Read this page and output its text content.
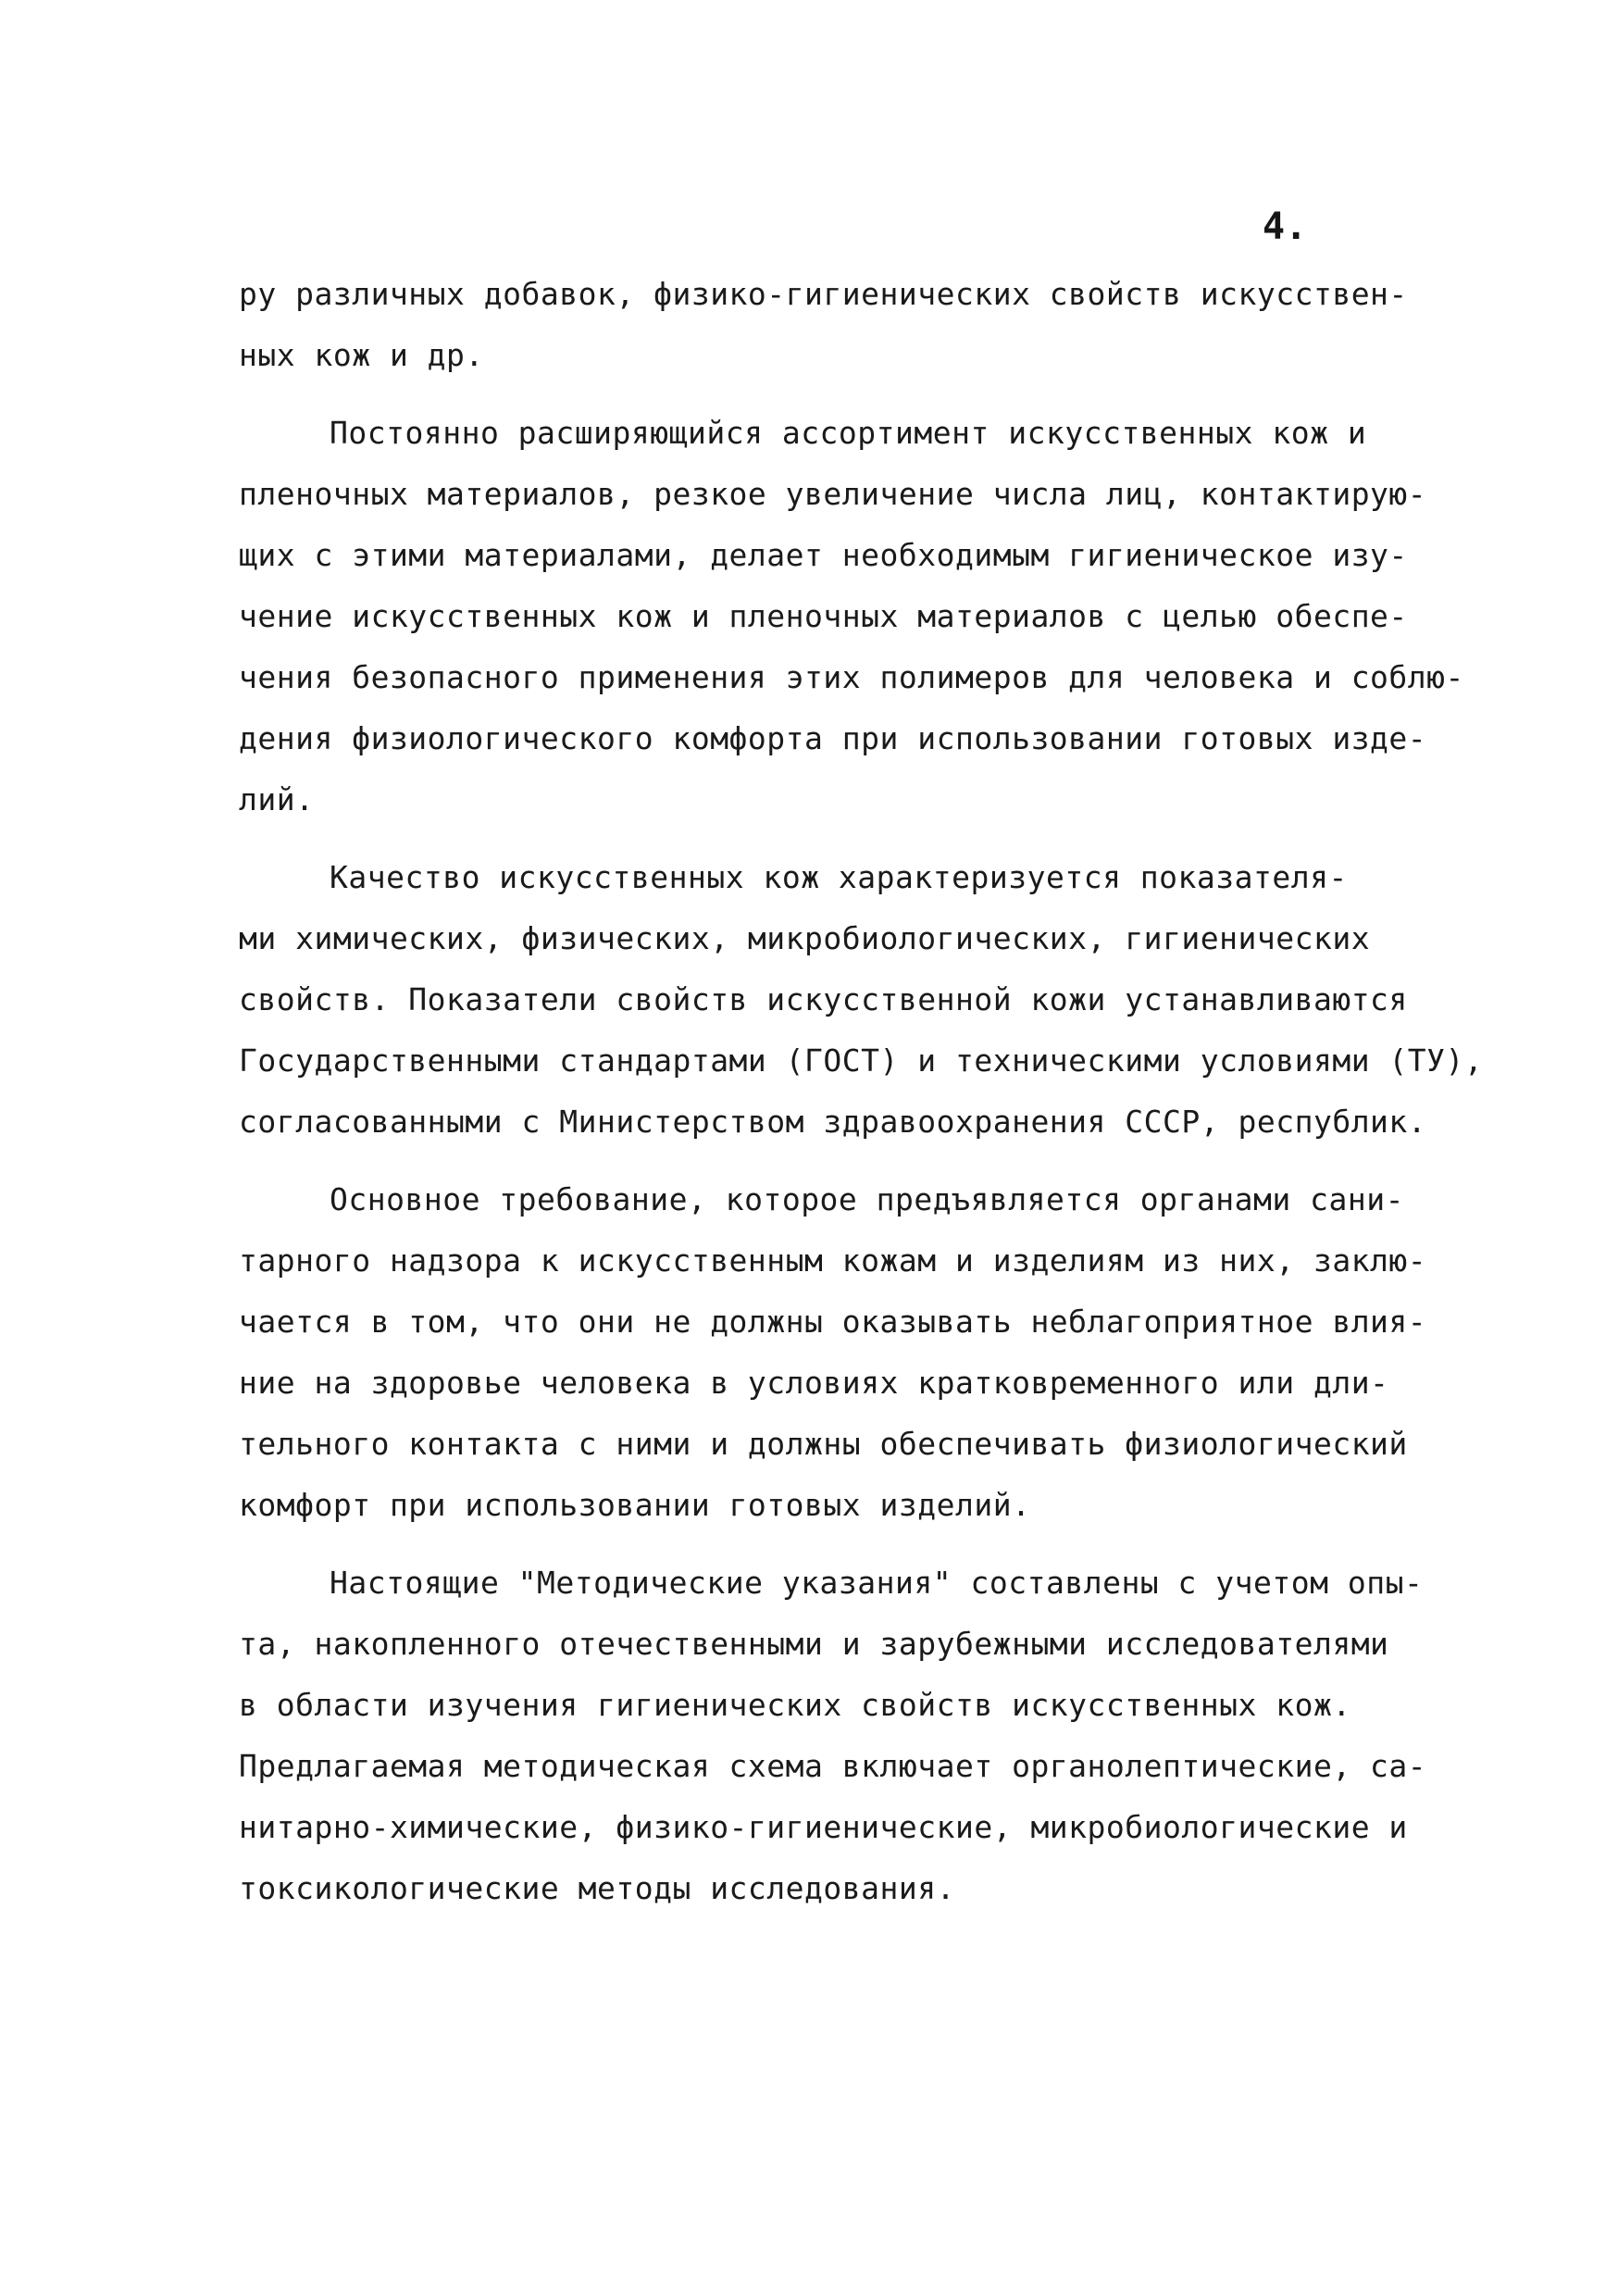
4.
ру различных добавок, физико-гигиенических свойств искусствен-
ных кож и др.
Постоянно расширяющийся ассортимент искусственных кож и
пленочных материалов, резкое увеличение числа лиц, контактирую-
щих с этими материалами, делает необходимым гигиеническое изу-
чение искусственных кож и пленочных материалов с целью обеспе-
чения безопасного применения этих полимеров для человека и соблю-
дения физиологического комфорта при использовании готовых изде-
лий.
Качество искусственных кож характеризуется показателя-
ми химических, физических, микробиологических, гигиенических
свойств. Показатели свойств искусственной кожи устанавливаются
Государственными стандартами (ГОСТ) и техническими условиями (ТУ),
согласованными с Министерством здравоохранения СССР, республик.
Основное требование, которое предъявляется органами сани-
тарного надзора к искусственным кожам и изделиям из них, заклю-
чается в том, что они не должны оказывать неблагоприятное влия-
ние на здоровье человека в условиях кратковременного или дли-
тельного контакта с ними и должны обеспечивать физиологический
комфорт при использовании готовых изделий.
Настоящие "Методические указания" составлены с учетом опы-
та, накопленного отечественными и зарубежными исследователями
в области изучения гигиенических свойств искусственных кож.
Предлагаемая методическая схема включает органолептические, са-
нитарно-химические, физико-гигиенические, микробиологические и
токсикологические методы исследования.
